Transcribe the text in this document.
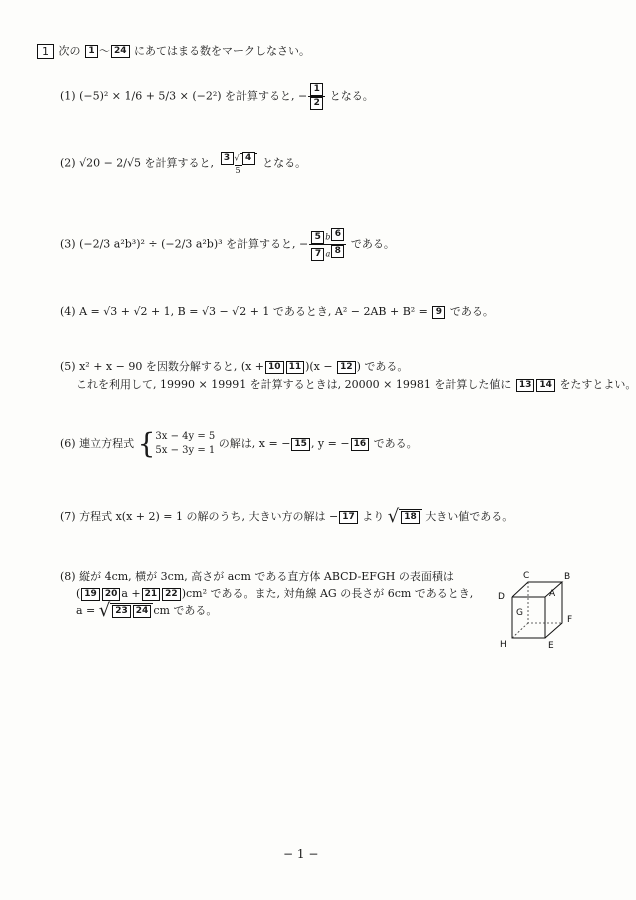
1 次の 1 ～ 24 にあてはまる数をマークしなさい。
(1) (−5)² × 1/6 + 5/3 × (−2²) を計算すると, − $\frac{1}{2}$ となる。
(2) √20 − 2/√5 を計算すると, $\frac{3 √ 4}{5}$ となる。
(3) (−2/3 a²b³)² ÷ (−2/3 a²b)³ を計算すると, − $\frac{5 b 6}{7 a 8}$ である。
(4) A = √3 + √2 + 1, B = √3 − √2 + 1 であるとき, A² − 2AB + B² = 9 である。
(5) x² + x − 90 を因数分解すると, (x + 10 11 )(x − 12 ) である。
これを利用して, 19990 × 19991 を計算するときは, 20000 × 19981 を計算した値に 13 14 をたすとよい。
(6) 連立方程式 { 3x − 4y = 5
5x − 3y = 1
の解は, x = − 15 , y = − 16 である。
(7) 方程式 x(x + 2) = 1 の解のうち, 大きい方の解は − 17 より √ 18 大きい値である。
(8) 縦が 4cm, 横が 3cm, 高さが acm である直方体 ABCD-EFGH の表面積は
( 19 20 a + 21 22 )cm² である。また, 対角線 AG の長さが 6cm であるとき,
a = √ 23 24 cm である。
C	B
D	A
G
F
H	E
− 1 −
